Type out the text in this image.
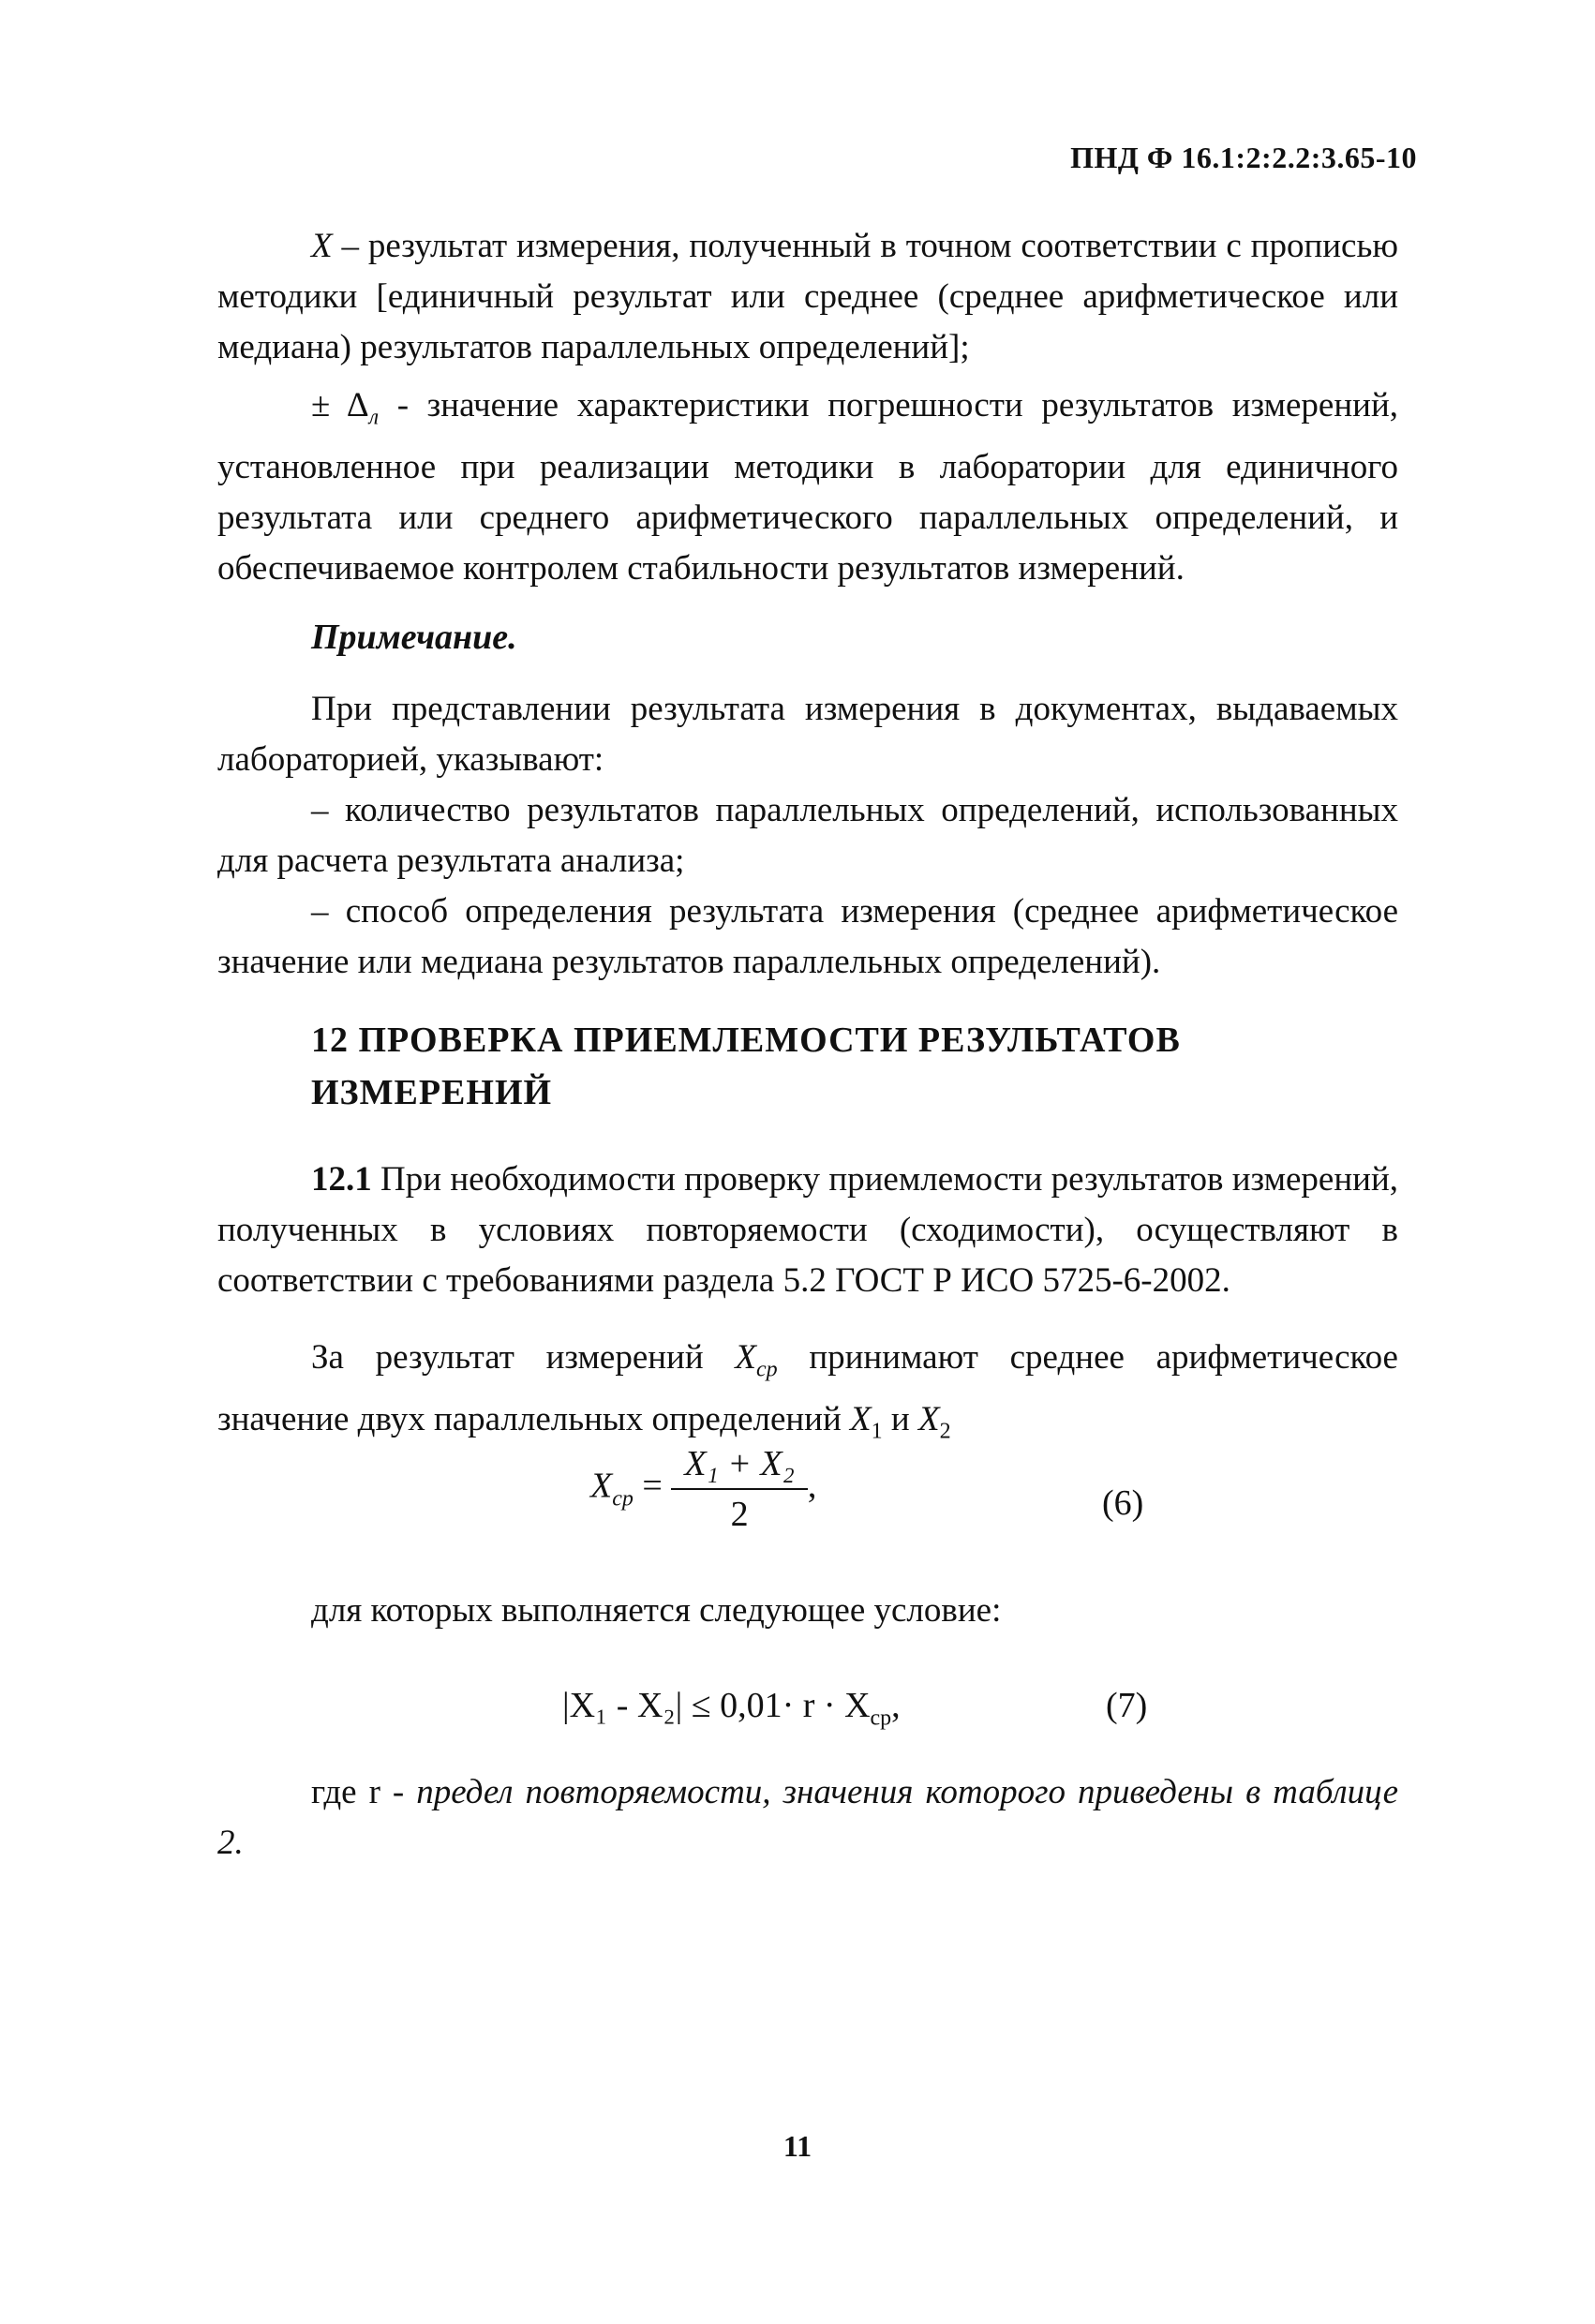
ПНД Ф 16.1:2:2.2:3.65-10

X – результат измерения, полученный в точном соответствии с прописью методики [единичный результат или среднее (среднее арифметическое или медиана) результатов параллельных определений];

± $\Delta_л$ - значение характеристики погрешности результатов измерений, установленное при реализации методики в лаборатории для единичного результата или среднего арифметического параллельных определений, и обеспечиваемое контролем стабильности результатов измерений.

Примечание.

При представлении результата измерения в документах, выдаваемых лабораторией, указывают:

– количество результатов параллельных определений, использованных для расчета результата анализа;

– способ определения результата измерения (среднее арифметическое значение или медиана результатов параллельных определений).

12 ПРОВЕРКА ПРИЕМЛЕМОСТИ РЕЗУЛЬТАТОВ
ИЗМЕРЕНИЙ

12.1 При необходимости проверку приемлемости результатов измерений, полученных в условиях повторяемости (сходимости), осуществляют в соответствии с требованиями раздела 5.2 ГОСТ Р ИСО 5725-6-2002.

За результат измерений $X_{ср}$ принимают среднее арифметическое значение двух параллельных определений $X_1$ и $X_2$

$X_{ср} = \frac{\text{X₁ + X₂}}{2}$ ,	(6)
для которых выполняется следующее условие:
$|X_1 - X_2| \le 0,01\cdot r \cdot X_{ср}$,	(7)

где r - предел повторяемости, значения которого приведены в таблице 2.

11
